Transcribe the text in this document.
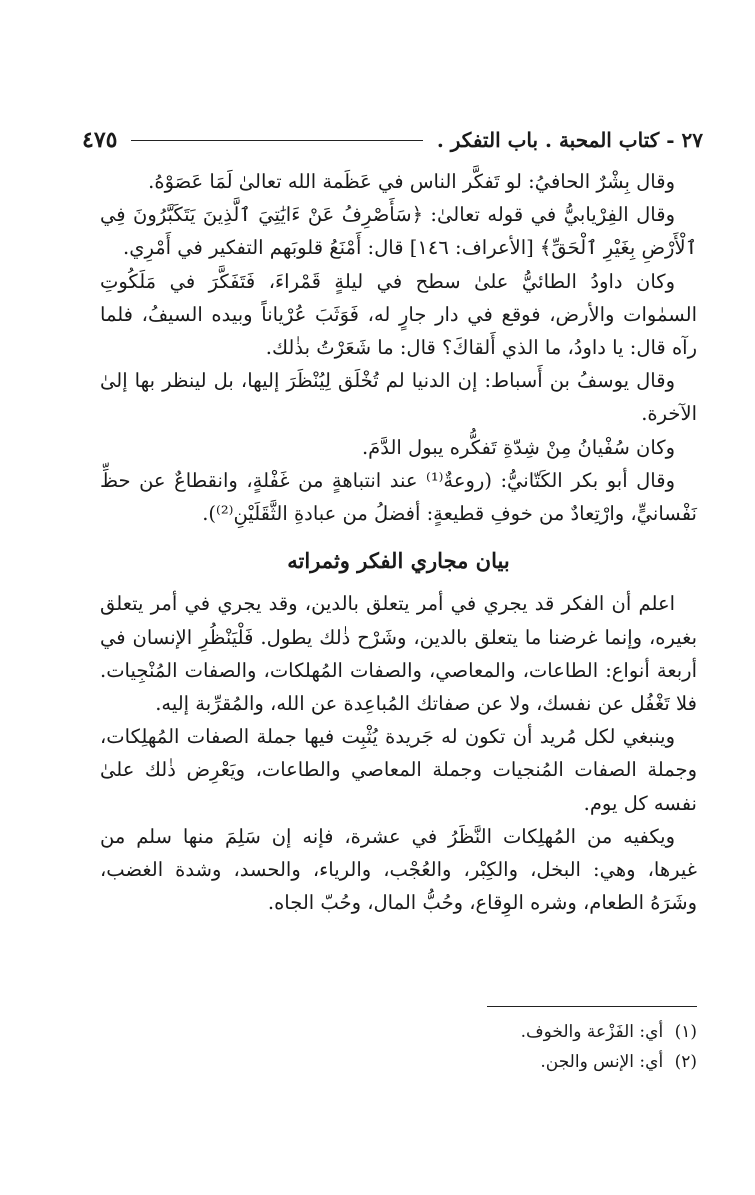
٢٧ - كتاب المحبة . باب التفكر .
٤٧٥

وقال بِشْرٌ الحافيُ: لو تَفكَّر الناس في عَظَمة الله تعالىٰ لَمَا عَصَوْهُ.

وقال الفِرْيابيُّ في قوله تعالىٰ: ﴿سَأَصْرِفُ عَنْ ءَايَٰتِيَ ٱلَّذِينَ يَتَكَبَّرُونَ فِي ٱلْأَرْضِ بِغَيْرِ ٱلْحَقِّ﴾ [الأعراف: ١٤٦] قال: أَمْنَعُ قلوبَهم التفكير في أَمْرِي.

وكان داودُ الطائيُّ علىٰ سطح في ليلةٍ قَمْراءَ، فَتَفَكَّرَ في مَلَكُوتِ السمٰوات والأرض، فوقع في دار جارٍ له، فَوَثَبَ عُرْياناً وبيده السيفُ، فلما رآه قال: يا داودُ، ما الذي أَلقاكَ؟ قال: ما شَعَرْتُ بذٰلك.

وقال يوسفُ بن أَسباط: إن الدنيا لم تُخْلَق لِيُنْظَرَ إليها، بل لينظر بها إلىٰ الآخرة.

وكان سُفْيانُ مِنْ شِدّةِ تَفكُّره يبول الدَّمَ.

وقال أبو بكر الكَتّانيُّ: (روعةٌ⁽¹⁾ عند انتباهةٍ من غَفْلةٍ، وانقطاعٌ عن حظِّ نَفْسانيٍّ، وارْتِعادٌ من خوفِ قطيعةٍ: أفضلُ من عبادةِ الثَّقَلَيْنِ⁽²⁾).

بيان مجاري الفكر وثمراته

اعلم أن الفكر قد يجري في أمر يتعلق بالدين، وقد يجري في أمر يتعلق بغيره، وإنما غرضنا ما يتعلق بالدين، وشَرْح ذٰلك يطول. فَلْيَنْظُرِ الإنسان في أربعة أنواع: الطاعات، والمعاصي، والصفات المُهلكات، والصفات المُنْجِيات. فلا تَغْفُل عن نفسك، ولا عن صفاتك المُباعِدة عن الله، والمُقرِّبة إليه.

وينبغي لكل مُريد أن تكون له جَريدة يُثْبِت فيها جملة الصفات المُهلِكات، وجملة الصفات المُنجيات وجملة المعاصي والطاعات، ويَعْرِض ذٰلك علىٰ نفسه كل يوم.

ويكفيه من المُهلِكات النَّظَرُ في عشرة، فإنه إن سَلِمَ منها سلم من غيرها، وهي: البخل، والكِبْر، والعُجْب، والرياء، والحسد، وشدة الغضب، وشَرَهُ الطعام، وشره الوِقاع، وحُبُّ المال، وحُبّ الجاه.

(١) أي: الفَزْعة والخوف.
(٢) أي: الإنس والجن.
